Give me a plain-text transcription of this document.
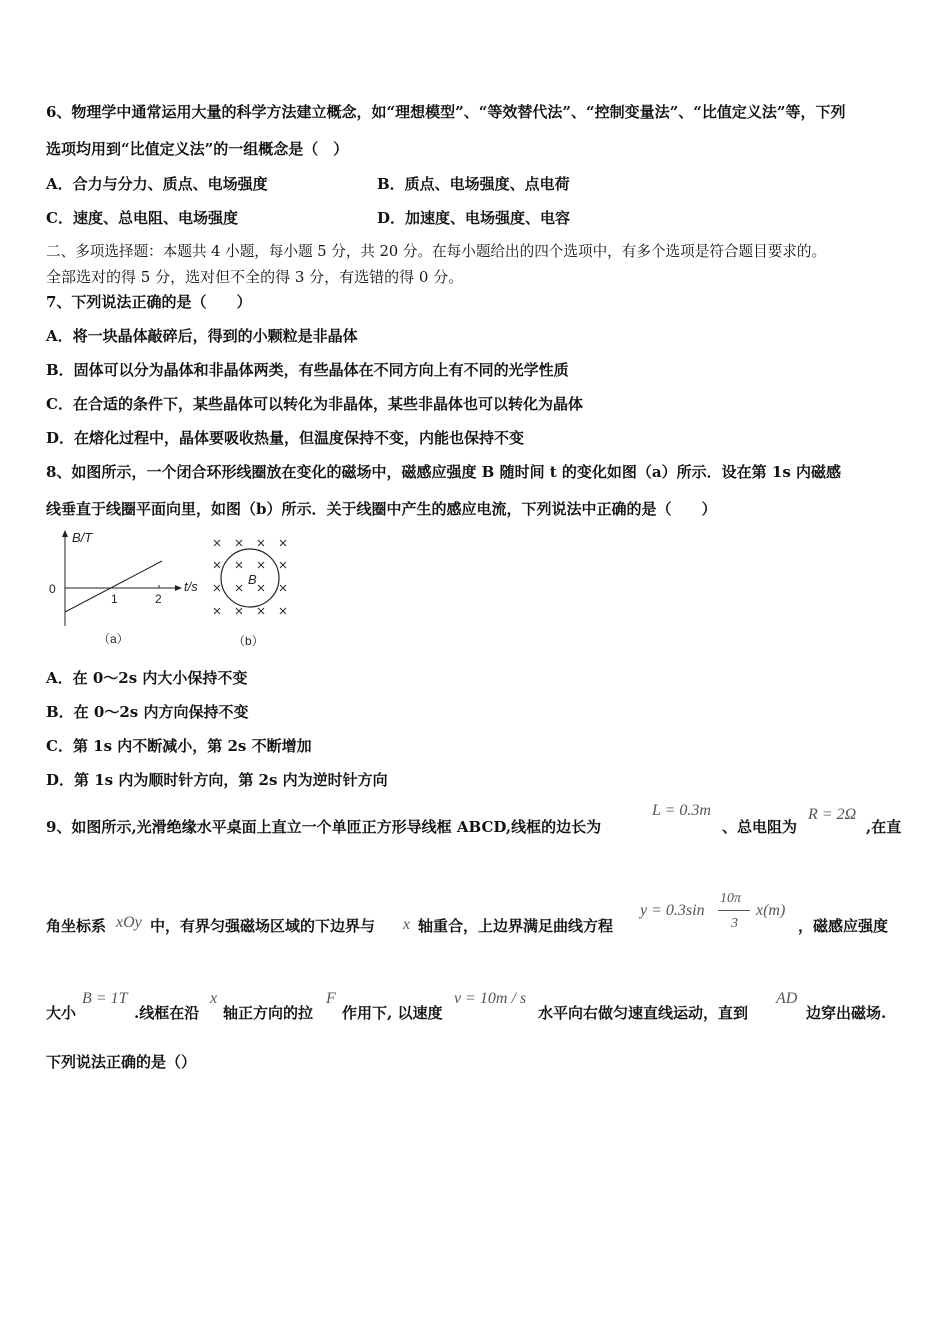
6、物理学中通常运用大量的科学方法建立概念，如“理想模型”、“等效替代法”、“控制变量法”、“比值定义法”等，下列
选项均用到“比值定义法”的一组概念是（　）
A．合力与分力、质点、电场强度	B．质点、电场强度、点电荷
C．速度、总电阻、电场强度	D．加速度、电场强度、电容
二、多项选择题：本题共 4 小题，每小题 5 分，共 20 分。在每小题给出的四个选项中，有多个选项是符合题目要求的。
全部选对的得 5 分，选对但不全的得 3 分，有选错的得 0 分。
7、下列说法正确的是（　　）
A．将一块晶体敲碎后，得到的小颗粒是非晶体
B．固体可以分为晶体和非晶体两类，有些晶体在不同方向上有不同的光学性质
C．在合适的条件下，某些晶体可以转化为非晶体，某些非晶体也可以转化为晶体
D．在熔化过程中，晶体要吸收热量，但温度保持不变，内能也保持不变
8、如图所示，一个闭合环形线圈放在变化的磁场中，磁感应强度 B 随时间 t 的变化如图（a）所示．设在第 1s 内磁感
线垂直于线圈平面向里，如图（b）所示．关于线圈中产生的感应电流，下列说法中正确的是（　　）
B/T
t/s
0
1	2
（a）
B
（b）
A．在 0～2s 内大小保持不变
B．在 0～2s 内方向保持不变
C．第 1s 内不断减小，第 2s 不断增加
D．第 1s 内为顺时针方向，第 2s 内为逆时针方向
9、如图所示,光滑绝缘水平桌面上直立一个单匝正方形导线框 ABCD,线框的边长为
L = 0.3m
、总电阻为
R = 2Ω
,在直
角坐标系 xOy 中，有界匀强磁场区域的下边界与 x 轴重合，上边界满足曲线方程
y = 0.3sin
10π
3
x(m)
，磁感应强度
大小
B = 1T
.线框在沿
x
轴正方向的拉
F
作用下, 以速度
v = 10m / s
水平向右做匀速直线运动，直到
AD
边穿出磁场.
下列说法正确的是（）
